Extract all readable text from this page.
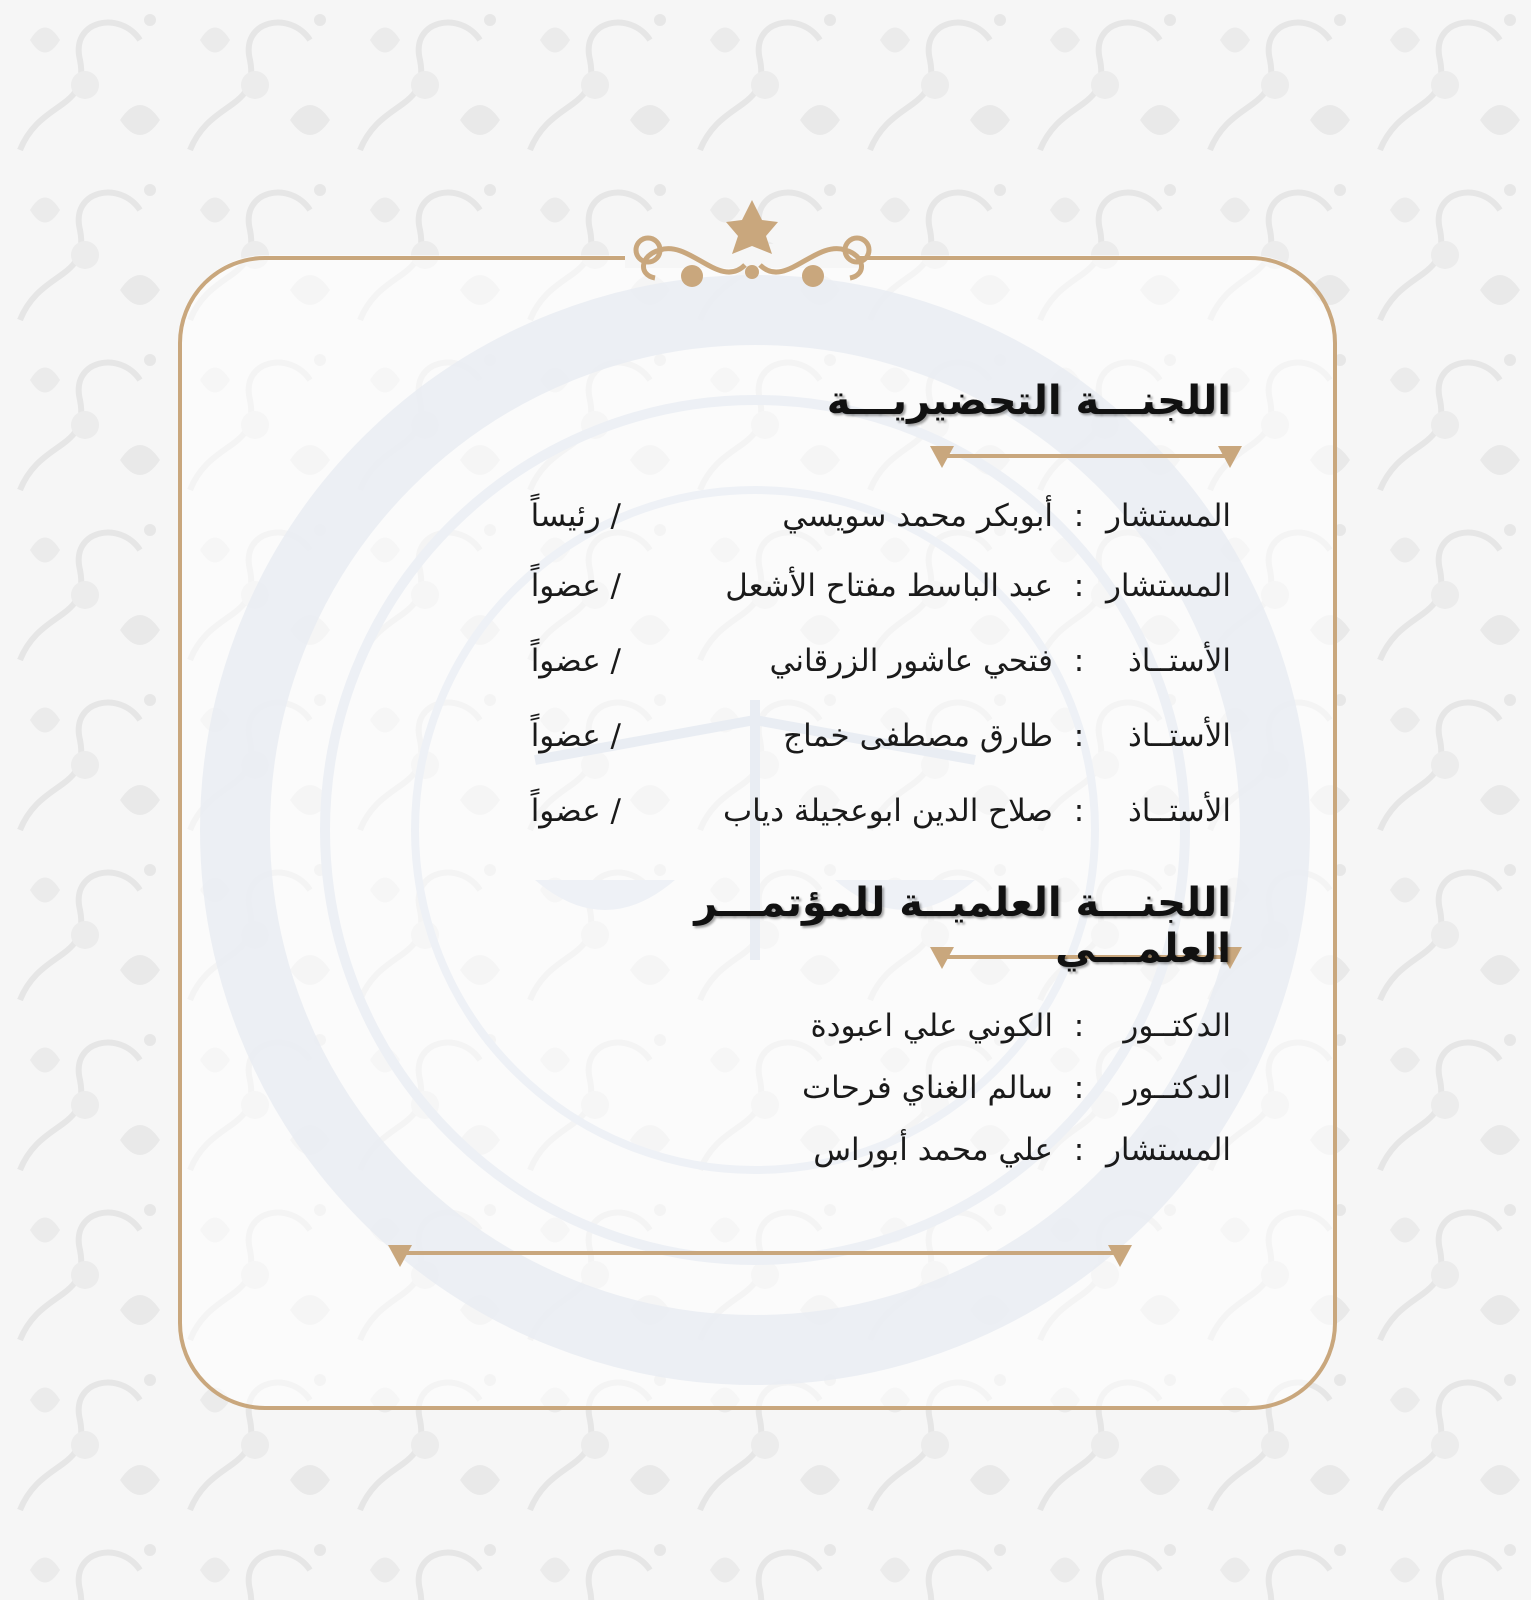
اللجنـــة التحضيريـــة
المستشار
:
أبوبكر محمد سويسي
/ رئيساً
المستشار
:
عبد الباسط مفتاح الأشعل
/ عضواً
الأستــاذ
:
فتحي عاشور الزرقاني
/ عضواً
الأستــاذ
:
طارق مصطفى خماج
/ عضواً
الأستــاذ
:
صلاح الدين ابوعجيلة دياب
/ عضواً
اللجنـــة العلميــة للمؤتمـــر العلمـــي
الدكتــور
:
الكوني علي اعبودة
الدكتــور
:
سالم الغناي فرحات
المستشار
:
علي محمد أبوراس
